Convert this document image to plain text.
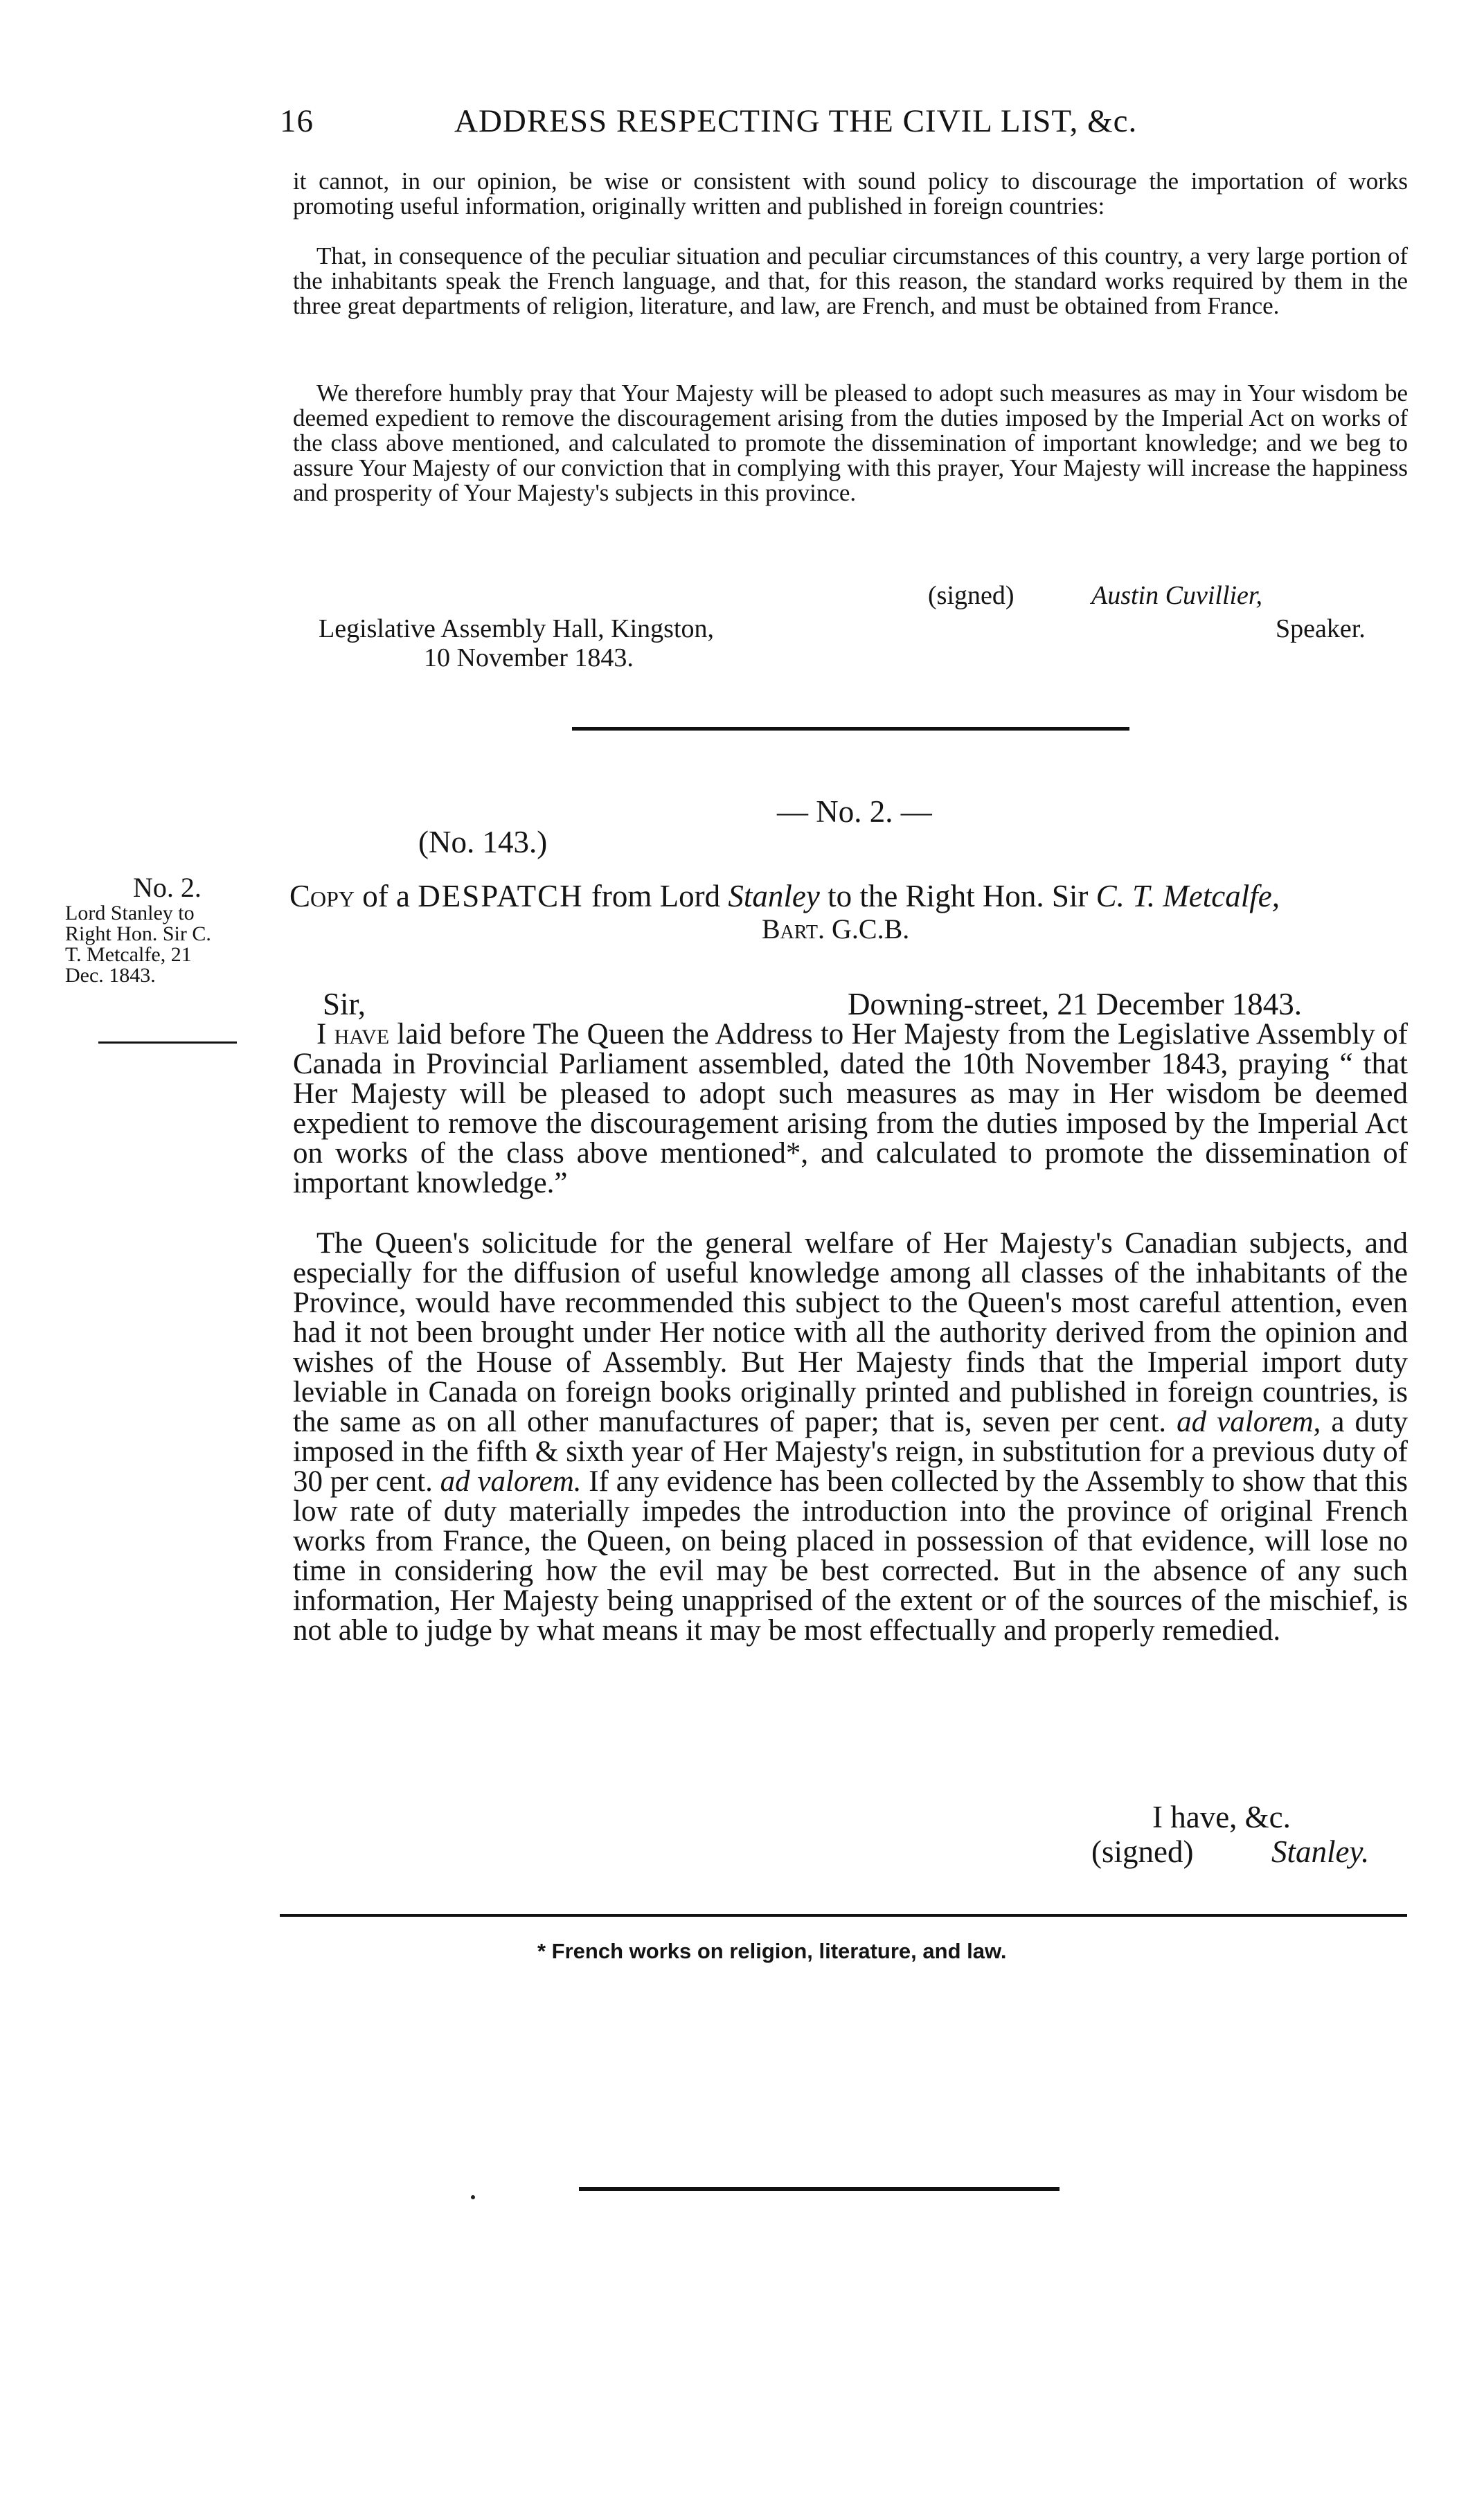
16	ADDRESS RESPECTING THE CIVIL LIST, &c.

it cannot, in our opinion, be wise or consistent with sound policy to discourage the importation of works promoting useful information, originally written and published in foreign countries:

That, in consequence of the peculiar situation and peculiar circumstances of this country, a very large portion of the inhabitants speak the French language, and that, for this reason, the standard works required by them in the three great departments of religion, literature, and law, are French, and must be obtained from France.

We therefore humbly pray that Your Majesty will be pleased to adopt such measures as may in Your wisdom be deemed expedient to remove the discouragement arising from the duties imposed by the Imperial Act on works of the class above mentioned, and calculated to promote the dissemination of important knowledge; and we beg to assure Your Majesty of our conviction that in complying with this prayer, Your Majesty will increase the happiness and prosperity of Your Majesty's subjects in this province.

(signed)	Austin Cuvillier,
Speaker.
Legislative Assembly Hall, Kingston,
10 November 1843.
— No. 2. —
(No. 143.)
Copy of a DESPATCH from Lord Stanley to the Right Hon. Sir C. T. Metcalfe,
Bart. G.C.B.
No. 2.
Lord Stanley to
Right Hon. Sir C.
T. Metcalfe, 21
Dec. 1843.
Sir,	Downing-street, 21 December 1843.

I have laid before The Queen the Address to Her Majesty from the Legislative Assembly of Canada in Provincial Parliament assembled, dated the 10th November 1843, praying “ that Her Majesty will be pleased to adopt such measures as may in Her wisdom be deemed expedient to remove the discouragement arising from the duties imposed by the Imperial Act on works of the class above mentioned*, and calculated to promote the dissemination of important knowledge.”

The Queen's solicitude for the general welfare of Her Majesty's Canadian subjects, and especially for the diffusion of useful knowledge among all classes of the inhabitants of the Province, would have recommended this subject to the Queen's most careful attention, even had it not been brought under Her notice with all the authority derived from the opinion and wishes of the House of Assembly. But Her Majesty finds that the Imperial import duty leviable in Canada on foreign books originally printed and published in foreign countries, is the same as on all other manufactures of paper; that is, seven per cent. ad valorem, a duty imposed in the fifth & sixth year of Her Majesty's reign, in substitution for a previous duty of 30 per cent. ad valorem. If any evidence has been collected by the Assembly to show that this low rate of duty materially impedes the introduction into the province of original French works from France, the Queen, on being placed in possession of that evidence, will lose no time in considering how the evil may be best corrected. But in the absence of any such information, Her Majesty being unapprised of the extent or of the sources of the mischief, is not able to judge by what means it may be most effectually and properly remedied.

I have, &c.
(signed)	Stanley.
* French works on religion, literature, and law.
